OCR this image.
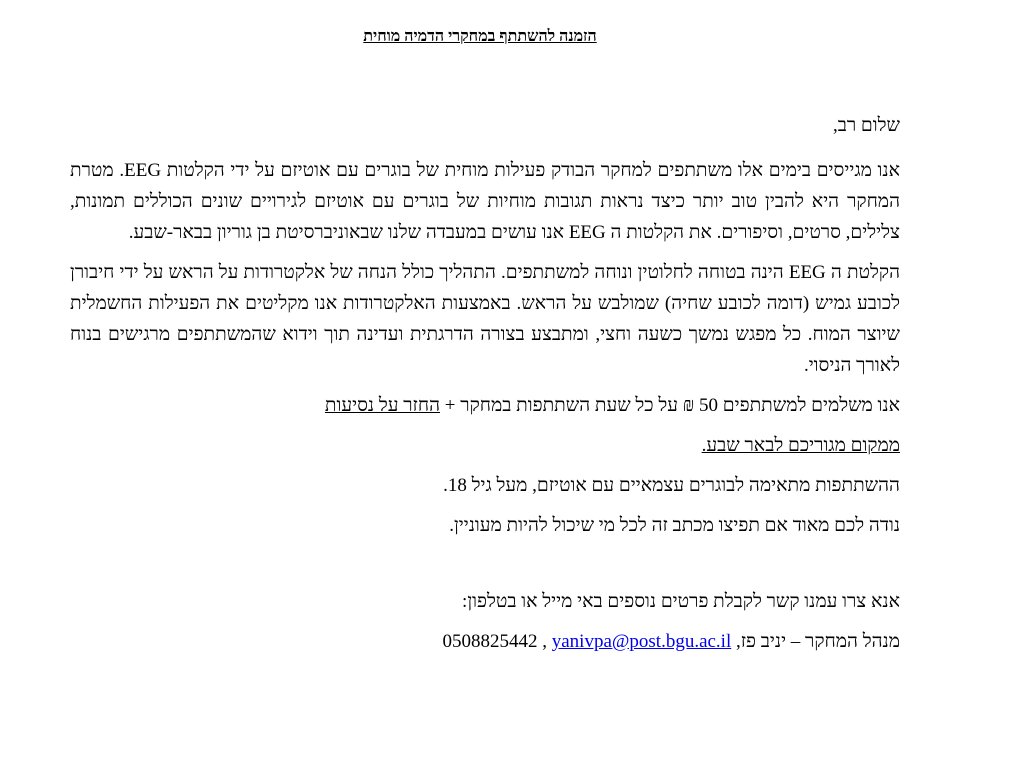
הזמנה להשתתף במחקרי הדמיה מוחית

שלום רב,

אנו מגייסים בימים אלו משתתפים למחקר הבודק פעילות מוחית של בוגרים עם אוטיזם על ידי הקלטות EEG. מטרת המחקר היא להבין טוב יותר כיצד נראות תגובות מוחיות של בוגרים עם אוטיזם לגירויים שונים הכוללים תמונות, צלילים, סרטים, וסיפורים. את הקלטות ה EEG אנו עושים במעבדה שלנו שבאוניברסיטת בן גוריון בבאר-שבע.

הקלטת ה EEG הינה בטוחה לחלוטין ונוחה למשתתפים. התהליך כולל הנחה של אלקטרודות על הראש על ידי חיבורן לכובע גמיש (דומה לכובע שחיה) שמולבש על הראש. באמצעות האלקטרודות אנו מקליטים את הפעילות החשמלית שיוצר המוח. כל מפגש נמשך כשעה וחצי, ומתבצע בצורה הדרגתית ועדינה תוך וידוא שהמשתתפים מרגישים בנוח לאורך הניסוי.

אנו משלמים למשתתפים 50 ₪ על כל שעת השתתפות במחקר + החזר על נסיעות

ממקום מגוריכם לבאר שבע.

ההשתתפות מתאימה לבוגרים עצמאיים עם אוטיזם, מעל גיל 18.

נודה לכם מאוד אם תפיצו מכתב זה לכל מי שיכול להיות מעוניין.

אנא צרו עמנו קשר לקבלת פרטים נוספים באי מייל או בטלפון:

מנהל המחקר – יניב פז, yanivpa@post.bgu.ac.il , 0508825442
